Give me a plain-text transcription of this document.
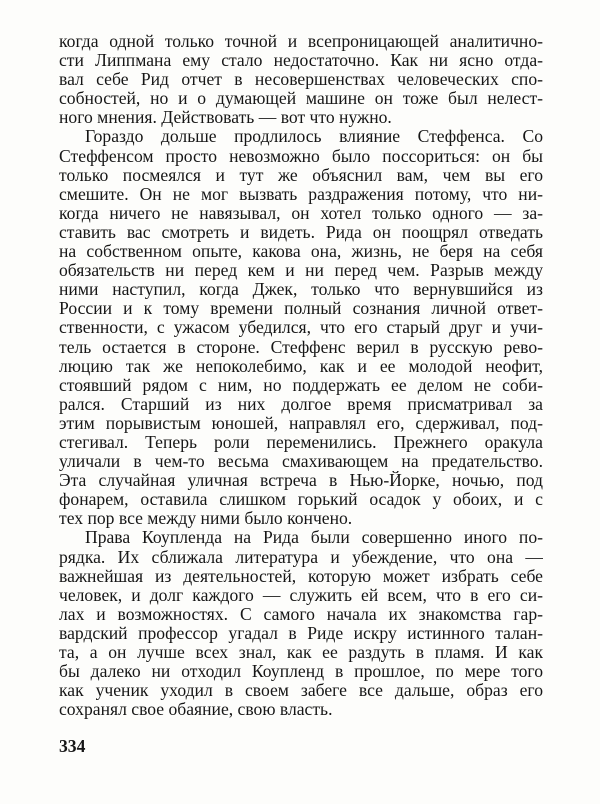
когда одной только точной и всепроницающей аналитичнo-
сти Липпмана ему стало недостаточно. Как ни ясно отда-
вал себе Рид отчет в несовершенствах человеческих спо-
собностей, но и о думающей машине он тоже был нелест-
ного мнения. Действовать — вот что нужно.
Гораздо дольше продлилось влияние Стеффенса. Со
Стеффенсом просто невозможно было поссориться: он бы
только посмеялся и тут же объяснил вам, чем вы его
смешите. Он не мог вызвать раздражения потому, что ни-
когда ничего не навязывал, он хотел только одного — за-
ставить вас смотреть и видеть. Рида он поощрял отведать
на собственном опыте, какова она, жизнь, не беря на себя
обязательств ни перед кем и ни перед чем. Разрыв между
ними наступил, когда Джек, только что вернувшийся из
России и к тому времени полный сознания личной ответ-
ственности, с ужасом убедился, что его старый друг и учи-
тель остается в стороне. Стеффенс верил в русскую рево-
люцию так же непоколебимо, как и ее молодой неофит,
стоявший рядом с ним, но поддержать ее делом не соби-
рался. Старший из них долгое время присматривал за
этим порывистым юношей, направлял его, сдерживал, под-
стегивал. Теперь роли переменились. Прежнего оракула
уличали в чем-то весьма смахивающем на предательство.
Эта случайная уличная встреча в Нью-Йорке, ночью, под
фонарем, оставила слишком горький осадок у обоих, и с
тех пор все между ними было кончено.
Права Коупленда на Рида были совершенно иного по-
рядка. Их сближала литература и убеждение, что она —
важнейшая из деятельностей, которую может избрать себе
человек, и долг каждого — служить ей всем, что в его си-
лах и возможностях. С самого начала их знакомства гар-
вардский профессор угадал в Риде искру истинного талан-
та, а он лучше всех знал, как ее раздуть в пламя. И как
бы далеко ни отходил Коупленд в прошлое, по мере того
как ученик уходил в своем забеге все дальше, образ его
сохранял свое обаяние, свою власть.
334
